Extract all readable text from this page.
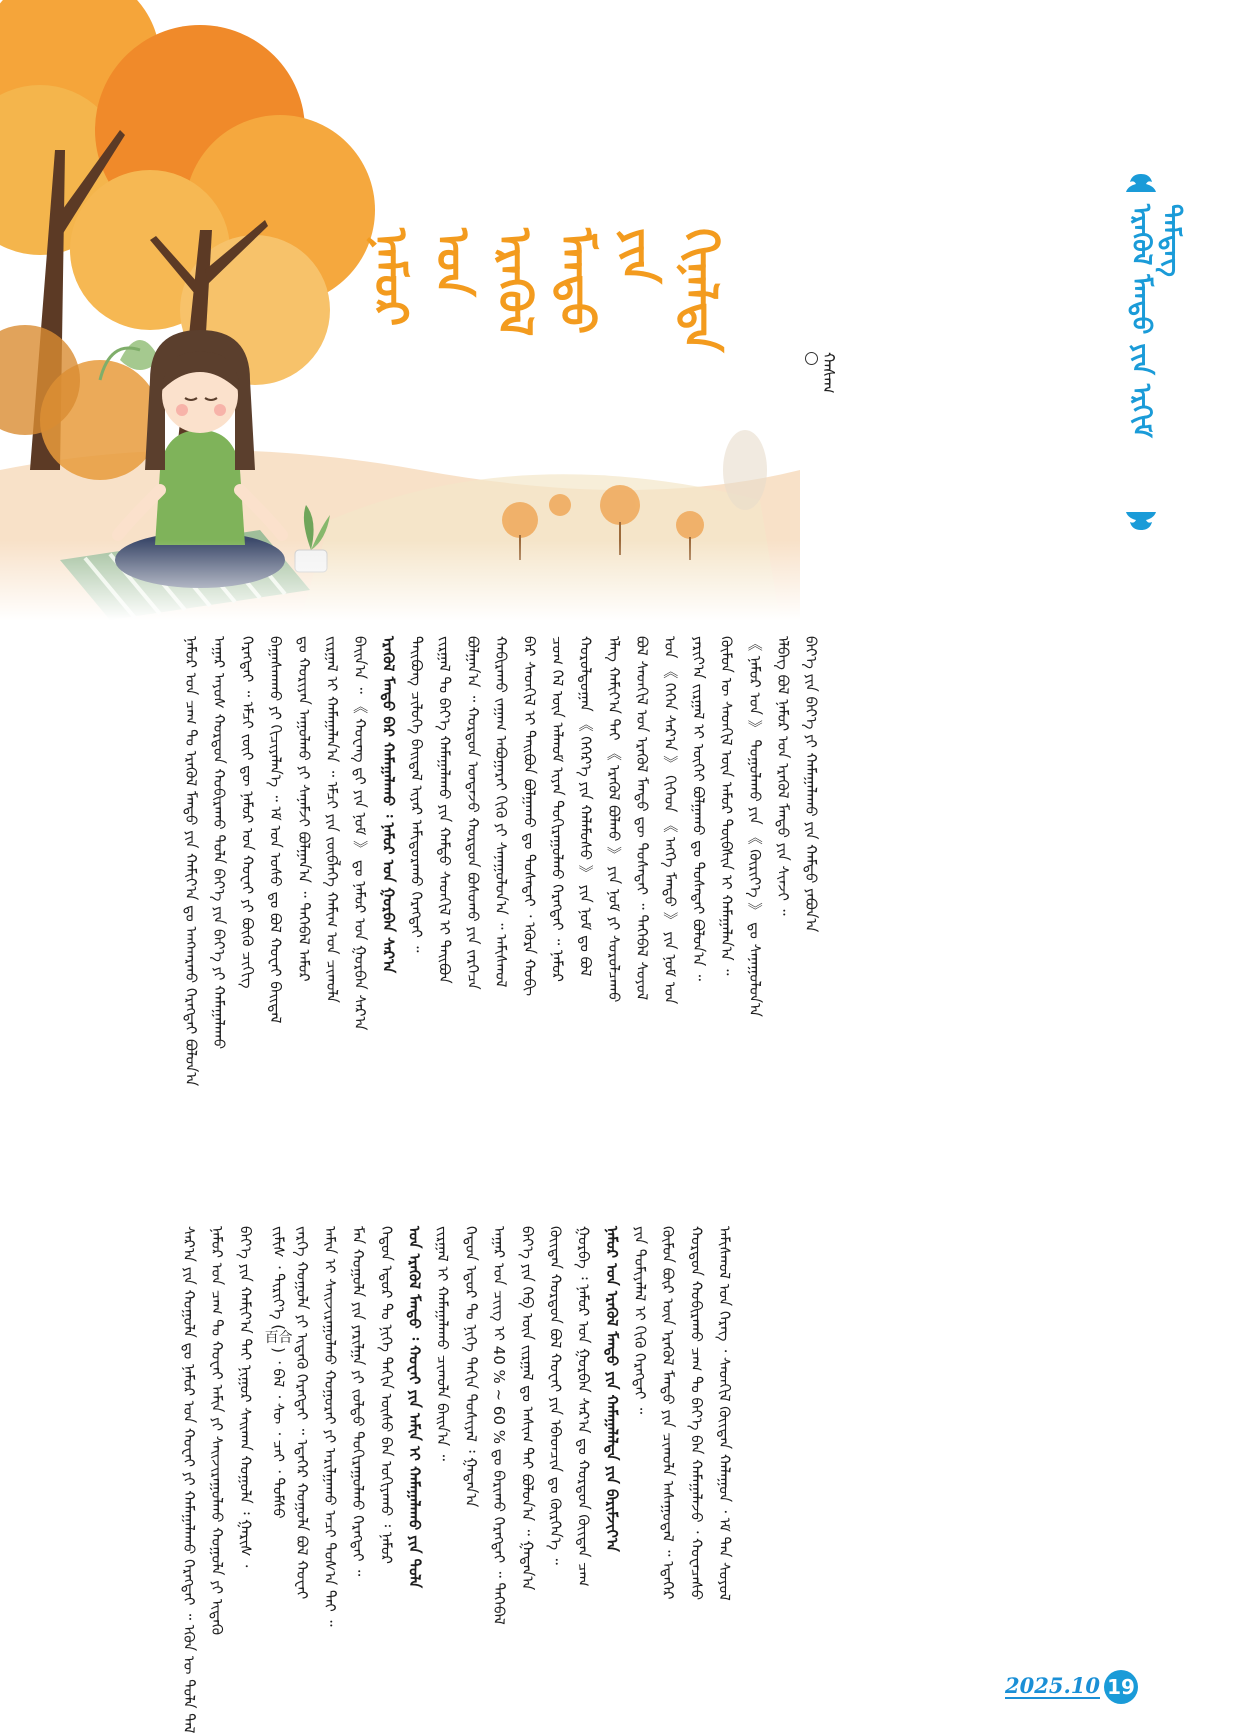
ᠨᠠᠮᠤᠷ ᠤᠨ ᠡᠷᠡᠭᠦᠯ ᠮᠡᠨᠳᠦ ᠶᠢᠨ ᠬᠢᠨᠠᠯᠲᠠ
ᠬᠠᠰᠠᠭ	ᠡᠷᠡᠭᠦᠯ ᠮᠡᠨᠳᠦ ᠶᠢᠨ ᠡᠷᠬᠢᠮ ᠲᠡᠮᠳᠡᠭ
ᠨᠠᠮᠤᠷ ᠤᠨ ᠴᠠᠭ ᠲᠤ ᠡᠷᠡᠭᠦᠯ ᠮᠡᠨᠳᠦ ᠶᠢᠨ ᠬᠠᠮᠢᠶ᠎ᠠ ᠳᠤ ᠠᠩᠬᠠᠷᠬᠤ ᠬᠡᠷᠡᠭᠲᠡᠢ ᠪᠣᠯᠤᠨ᠎ᠠ ᠠᠭᠠᠷ ᠠᠶᠤᠰ ᠬᠤᠷᠳᠤᠨ ᠬᠤᠪᠢᠷᠠᠬᠤ ᠲᠤᠯᠠ ᠪᠡᠶ᠎ᠡ ᠶᠢᠨ ᠪᠡᠶ᠎ᠡ ᠶᠢ ᠬᠠᠮᠠᠭᠠᠯᠠᠬᠤ ᠬᠡᠷᠡᠭᠲᠡᠢ ᠃ ᠡᠮᠴᠢ ᠵᠦᠢ ᠳᠦ ᠨᠠᠮᠤᠷ ᠤᠨ ᠬᠤᠸᠠᠢ ᠶᠢ ᠪᠦᠬᠦ ᠴᠢᠭᠢᠭ ᠪᠠᠭᠠᠰᠬᠠᠬᠤ ᠶᠢ ᠬᠢᠴᠢᠶᠡᠯᠡᠨ᠎ᠡ ᠃ ᠡᠮ ᠤᠨ ᠤᠰᠤ ᠳᠤ ᠪᠤᠯ ᠬᠤᠸᠠᠢ ᠪᠠᠢᠳᠠᠯ ᠳᠤ ᠬᠤᠷᠢᠶᠠᠨ ᠠᠭᠤᠯᠬᠤ ᠶᠢ ᠰᠠᠨᠠᠮᠵᠢ ᠪᠣᠯᠭᠠᠨ᠎ᠠ ᠃ ᠲᠡᠭᠡᠪᠡᠯ ᠠᠮᠤᠷ ᠵᠢᠷᠭᠠᠯ ᠢ ᠬᠠᠮᠠᠭᠠᠯᠠᠨ᠎ᠠ ᠃ ᠡᠮᠴᠢ ᠶᠢᠨ ᠵᠥᠪᠯᠡᠭᠡ ᠬᠠᠮᠢᠭ ᠤᠨ ᠴᠢᠬᠤᠯᠠ ᠪᠠᠢᠨ᠎ᠠ ᠃ 《 ᠬᠤᠸᠠᠩ ᠳ᠋ᠢ ᠶᠢᠨ ᠨᠣᠮ 》 ᠳᠤ ᠨᠠᠮᠤᠷ ᠤᠨ ᠭᠤᠷᠪᠠᠨ ᠰᠠᠷ᠎ᠠ ᠡᠷᠡᠭᠦᠯ ᠮᠡᠨᠳᠦ ᠪᠠᠷ ᠬᠠᠮᠠᠭᠠᠯᠠᠬᠤ ᠄ ᠨᠠᠮᠤᠷ ᠤᠨ ᠭᠤᠷᠪᠠᠨ ᠰᠠᠷ᠎ᠠ ᠲᠠᠢᠪᠤᠩ ᠴᠢᠯᠤᠭᠡ ᠪᠠᠢᠳᠠᠯ ᠢᠶᠠᠷ ᠠᠮᠢᠳᠤᠷᠠᠬᠤ ᠬᠡᠷᠡᠭᠲᠡᠢ ᠃ ᠵᠢᠷᠭᠠᠯ ᠲᠤ ᠪᠡᠶ᠎ᠡ ᠬᠠᠮᠠᠭᠠᠯᠠᠬᠤ ᠶᠢᠨ ᠬᠠᠮᠲᠤ ᠰᠡᠳᠬᠢᠯ ᠢ ᠲᠠᠢᠪᠤᠨ ᠪᠣᠯᠭᠠᠨ᠎ᠠ ᠃ ᠬᠤᠷᠳᠤᠨ ᠤᠨᠲᠠᠵᠤ ᠬᠤᠷᠳᠤᠨ ᠪᠣᠰᠤᠬᠤ ᠶᠢᠨ ᠵᠡᠷᠭᠡᠴᠡ ᠬᠠᠪᠢᠷᠠᠬᠤ ᠵᠠᠭᠠᠭ ᠠᠪᠤᠭᠠᠷᠠᠢ ᠬᠢᠬᠦ ᠶᠢ ᠰᠠᠨᠠᠭᠤᠯᠤᠨ᠎ᠠ ᠃ ᠠᠮᠢᠰᠬᠤᠯ ᠪᠡᠷ ᠰᠡᠳᠬᠢᠯ ᠢ ᠲᠠᠢᠪᠤᠨ ᠪᠣᠯᠭᠠᠬᠤ ᠳᠤ ᠲᠤᠰᠠᠲᠠᠢ ᠂ ᠡᠭᠦᠷᠡ ᠬᠤᠪᠢ ᠴᠣᠭ ᠬᠡᠯ ᠦᠨ ᠠᠯᠬᠤᠮ ᠢᠶᠠᠨ ᠲᠤᠬᠢᠷᠠᠭᠤᠯᠬᠤ ᠬᠡᠷᠡᠭᠲᠡᠢ ᠃ ᠨᠠᠮᠤᠷ ᠬᠤᠷᠤᠯᠳᠤᠭᠠᠨ 《 ᠬᠡᠭᠡᠷ᠎ᠡ ᠶᠢᠨ ᠬᠠᠯᠠᠮᠤᠰᠤ 》 ᠶᠢᠨ ᠨᠣᠮ ᠳᠤ ᠪᠣᠯ ᠡᠯᠡᠭ ᠬᠠᠮᠢᠶ᠎ᠠ ᠲᠠᠢ 《 ᠡᠷᠡᠭᠦᠯ ᠪᠣᠯᠬᠤ 》 ᠶᠢᠨ ᠨᠣᠮ ᠶᠢ ᠰᠤᠷᠤᠯᠴᠠᠬᠤ ᠪᠣᠯ ᠰᠡᠳᠬᠢᠯ ᠤᠨ ᠡᠷᠡᠭᠦᠯ ᠮᠡᠨᠳᠦ ᠳᠦ ᠲᠤᠰᠠᠲᠠᠢ ᠃ ᠲᠡᠭᠡᠪᠡᠯ ᠰᠣᠶᠤᠯ ᠤᠨ 《 ᠭᠡᠭᠡᠨ ᠰᠠᠷ᠎ᠠ 》 ᠬᠢᠭᠡᠳ 《 ᠡᠩᠬᠡ ᠮᠡᠨᠳᠦ 》 ᠶᠢᠨ ᠨᠣᠮ ᠤᠨ ᠶᠠᠷᠢᠶ᠎ᠠ ᠵᠢᠷᠭᠠᠯ ᠢ ᠦᠭᠡᠢ ᠪᠣᠯᠭᠠᠬᠤ ᠳᠤ ᠲᠤᠰᠠᠲᠠᠢ ᠪᠣᠯᠤᠨ᠎ᠠ ᠃ ᠬᠦᠮᠦᠨ ᠦ ᠰᠡᠳᠬᠢᠯ ᠦᠨ ᠠᠮᠤᠷ ᠲᠦᠪᠰᠢᠨ ᠢ ᠬᠠᠮᠠᠭᠠᠯᠠᠨ᠎ᠠ ᠃ 《 ᠨᠠᠮᠤᠷ ᠤᠨ 》 ᠳᠤᠭᠤᠯᠠᠬᠤ ᠶᠢᠨ 《 ᠬᠦᠷᠢᠶ᠎ᠡ 》 ᠳᠤ ᠰᠠᠨᠠᠭᠤᠯᠤᠨ᠎ᠠ ᠡᠯᠪᠡᠭ ᠪᠣᠯ ᠨᠠᠮᠤᠷ ᠤᠨ ᠡᠷᠡᠭᠦᠯ ᠮᠡᠨᠳᠦ ᠶᠢᠨ ᠰᠢᠨᠵᠢ ᠃ ᠪᠡᠶ᠎ᠡ ᠶᠢᠨ ᠪᠡᠶ᠎ᠡ ᠶᠢ ᠬᠠᠮᠠᠭᠠᠯᠠᠬᠤ ᠶᠢᠨ ᠬᠠᠮᠲᠤ ᠶᠠᠪᠤᠨ᠎ᠠ
ᠰᠠᠷ᠎ᠠ ᠶᠢᠨ ᠬᠣᠭᠣᠯᠠ ᠳᠤ ᠨᠠᠮᠤᠷ ᠤᠨ ᠬᠤᠸᠠᠢ ᠶᠢ ᠬᠠᠮᠠᠭᠠᠯᠠᠬᠤ ᠬᠡᠷᠡᠭᠲᠡᠢ ᠃ ᠡᠭᠦᠨ ᠦ ᠲᠤᠯᠠ ᠲᠡᠯ ᠨᠠᠮᠤᠷ ᠤᠨ ᠴᠠᠭ ᠲᠤ ᠬᠤᠸᠠᠢ ᠠᠮᠢᠨ ᠶᠢ ᠰᠠᠢᠵᠢᠷᠠᠭᠤᠯᠬᠤ ᠬᠣᠭᠣᠯᠠ ᠶᠢ ᠢᠳᠡᠬᠦ ᠪᠡᠶ᠎ᠡ ᠶᠢᠨ ᠬᠠᠮᠢᠶ᠎ᠠ ᠲᠠᠢ ᠨᠢᠭᠤᠷ ᠰᠠᠢᠬᠠᠨ ᠬᠣᠭᠣᠯᠠ ᠄ ᠭᠠᠷᠢᠰ ᠂	ᠵᠢᠮᠢᠰ ᠂ ᠲᠢᠷᠢᠶ᠎ᠡ (百合) ᠂ ᠪᠠᠯ ᠂ ᠰᠦ ᠂ ᠴᠠᠢ ᠂ ᠲᠤᠮᠰᠤ ᠵᠡᠷᠭᠡ ᠬᠣᠭᠣᠯᠠ ᠶᠢ ᠢᠳᠡᠬᠦ ᠬᠡᠷᠡᠭᠲᠡᠢ ᠃ ᠡᠳᠡᠭᠡᠷ ᠬᠣᠭᠣᠯᠠ ᠪᠣᠯ ᠬᠤᠸᠠᠢ ᠠᠮᠢᠨ ᠢ ᠰᠠᠢᠵᠢᠷᠠᠭᠤᠯᠬᠤ ᠬᠤᠭᠤᠷᠠᠢ ᠶᠢ ᠠᠷᠢᠯᠭᠠᠬᠤ ᠠᠴᠢ ᠲᠤᠰ᠎ᠠ ᠲᠠᠢ ᠃ ᠮᠡᠨ ᠬᠣᠭᠣᠯᠠ ᠶᠢᠨ ᠶᠠᠷᠢᠯᠭᠠ ᠶᠢ ᠵᠤᠯᠳᠤ ᠲᠣᠬᠢᠷᠠᠭᠤᠯᠬᠤ ᠬᠡᠷᠡᠭᠲᠡᠢ ᠃ ᠬᠡᠳᠦᠨ ᠡᠳᠦᠷ ᠲᠤ ᠨᠢᠭᠡ ᠳᠠᠬᠢᠨ ᠦᠰᠦ ᠪᠠᠨ ᠤᠭᠢᠶᠠᠬᠤ ᠄ ᠨᠠᠮᠤᠷ ᠤᠨ ᠡᠷᠡᠭᠦᠯ ᠮᠡᠨᠳᠦ ᠄ ᠬᠤᠸᠠᠢ ᠶᠢᠨ ᠠᠮᠢᠨ ᠢ ᠬᠠᠮᠠᠭᠠᠯᠠᠬᠤ ᠶᠢᠨ ᠲᠤᠯᠠ ᠵᠢᠷᠭᠠᠯ ᠢ ᠬᠠᠮᠠᠭᠠᠯᠠᠬᠤ ᠴᠢᠬᠤᠯᠠ ᠪᠠᠢᠨ᠎ᠠ ᠃ ᠬᠡᠳᠦᠨ ᠡᠳᠦᠷ ᠲᠤ ᠨᠢᠭᠡ ᠳᠠᠬᠢᠨ ᠳᠤᠰᠢᠶᠠᠯ ᠄ ᠭᠠᠳᠠᠨ᠎ᠠ ᠠᠭᠠᠷ ᠤᠨ ᠴᠢᠢᠭ ᠢ 40 % ~ 60 % ᠳᠤ ᠪᠠᠷᠢᠬᠤ ᠬᠡᠷᠡᠭᠲᠡᠢ ᠃ ᠲᠡᠭᠡᠪᠡᠯ ᠪᠡᠶ᠎ᠡ ᠶᠢᠨ ᠬᠡᠪ ᠦᠨ ᠵᠢᠷᠭᠠᠯ ᠳᠤ ᠠᠰᠢᠭ ᠲᠠᠢ ᠪᠣᠯᠤᠨ᠎ᠠ ᠃ ᠭᠠᠳᠠᠨ᠎ᠠ ᠬᠦᠢᠲᠡᠨ ᠬᠤᠷᠳᠤᠨ ᠪᠤᠯ ᠬᠤᠸᠠᠢ ᠶᠢᠨ ᠡᠪᠡᠳᠴᠢᠨ ᠳᠤ ᠬᠦᠷᠭᠡᠨ᠎ᠡ ᠃ ᠭᠤᠷᠪᠠ ᠄ ᠨᠠᠮᠤᠷ ᠤᠨ ᠭᠤᠷᠪᠠᠨ ᠰᠠᠷ᠎ᠠ ᠳᠤ ᠬᠤᠷᠳᠤᠨ ᠬᠦᠢᠲᠡᠨ ᠴᠠᠭ ᠨᠠᠮᠤᠷ ᠤᠨ ᠡᠷᠡᠭᠦᠯ ᠮᠡᠨᠳᠦ ᠶᠢᠨ ᠬᠠᠮᠠᠭᠠᠯᠠᠯᠲᠠ ᠶᠢᠨ ᠪᠠᠷᠢᠮᠵᠢᠶ᠎ᠠ ᠶᠢᠨ ᠲᠣᠮᠢᠶᠠᠯᠠᠯ ᠢ ᠬᠢᠬᠦ ᠬᠡᠷᠡᠭᠲᠡᠢ ᠃ ᠬᠦᠮᠦᠨ ᠪᠦᠷ ᠦᠨ ᠡᠷᠡᠭᠦᠯ ᠮᠡᠨᠳᠦ ᠶᠢᠨ ᠴᠢᠬᠤᠯᠠ ᠠᠰᠠᠭᠤᠳᠠᠯ ᠃ ᠡᠳᠡᠭᠡᠷ ᠬᠤᠷᠳᠤᠨ ᠬᠤᠪᠢᠷᠠᠬᠤ ᠴᠠᠭ ᠲᠤ ᠪᠡᠶ᠎ᠡ ᠪᠠᠨ ᠬᠠᠮᠠᠭᠠᠯᠠᠵᠤ ᠂ ᠬᠤᠸᠠᠴᠠᠰᠤ ᠠᠮᠢᠰᠬᠤᠯ ᠤᠨ ᠬᠡᠷᠡᠭ ᠂ ᠰᠡᠳᠬᠢᠯ ᠬᠦᠢᠲᠡᠨ ᠬᠠᠯᠠᠭᠤᠨ ᠂ ᠡᠮ ᠲᠠᠨ ᠰᠣᠶᠤᠯ
2025.10 19
